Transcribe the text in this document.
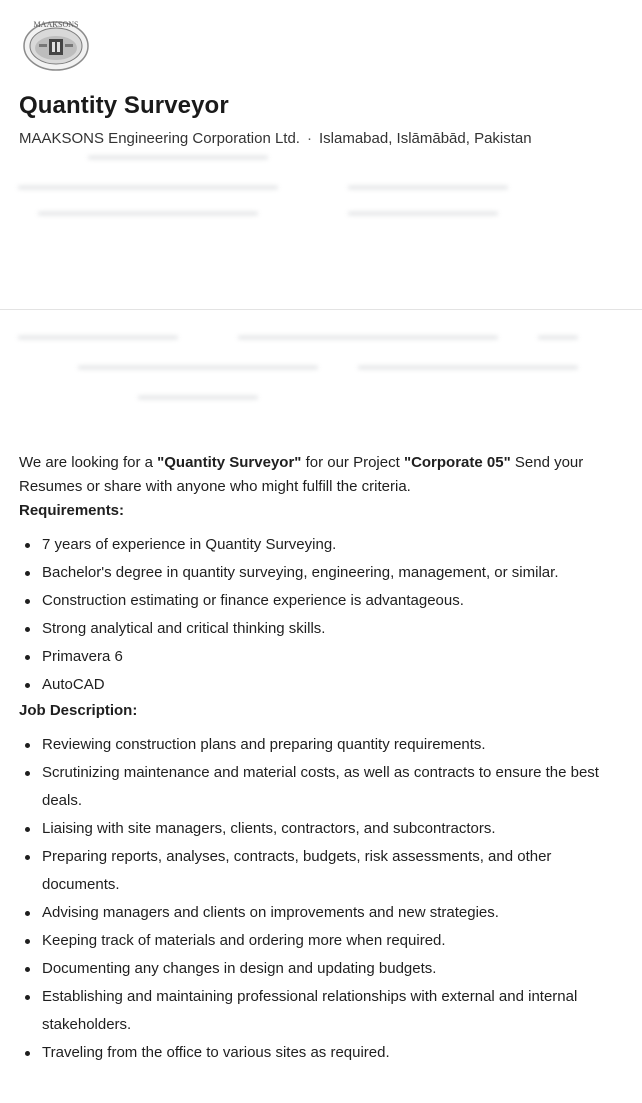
MAAKSONS
Quantity Surveyor
MAAKSONS Engineering Corporation Ltd. · Islamabad, Islāmābād, Pakistan

We are looking for a "Quantity Surveyor" for our Project "Corporate 05" Send your Resumes or share with anyone who might fulfill the criteria.

Requirements:

7 years of experience in Quantity Surveying.
Bachelor's degree in quantity surveying, engineering, management, or similar.
Construction estimating or finance experience is advantageous.
Strong analytical and critical thinking skills.
Primavera 6
AutoCAD

Job Description:

Reviewing construction plans and preparing quantity requirements.
Scrutinizing maintenance and material costs, as well as contracts to ensure the best deals.
Liaising with site managers, clients, contractors, and subcontractors.
Preparing reports, analyses, contracts, budgets, risk assessments, and other documents.
Advising managers and clients on improvements and new strategies.
Keeping track of materials and ordering more when required.
Documenting any changes in design and updating budgets.
Establishing and maintaining professional relationships with external and internal stakeholders.
Traveling from the office to various sites as required.
